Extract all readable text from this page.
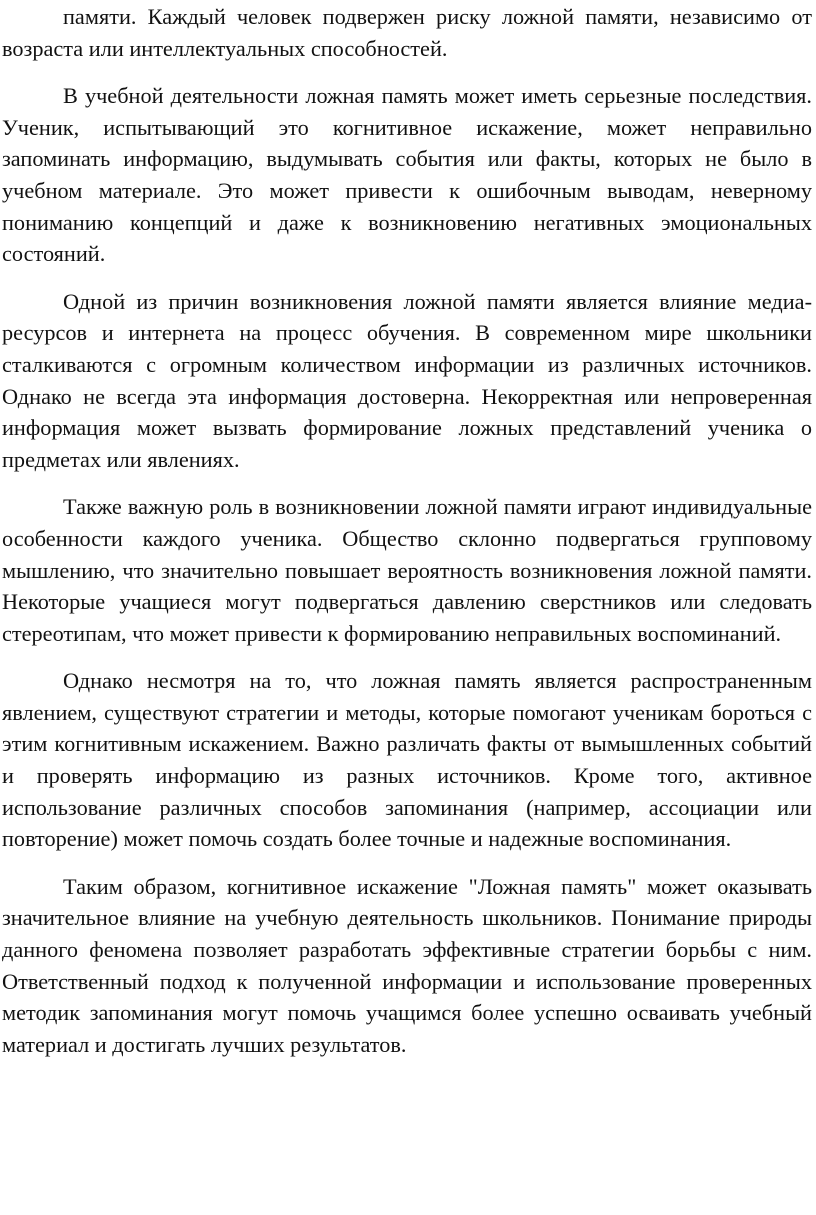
памяти. Каждый человек подвержен риску ложной памяти, независимо от возраста или интеллектуальных способностей.

В учебной деятельности ложная память может иметь серьезные последствия. Ученик, испытывающий это когнитивное искажение, может неправильно запоминать информацию, выдумывать события или факты, которых не было в учебном материале. Это может привести к ошибочным выводам, неверному пониманию концепций и даже к возникновению негативных эмоциональных состояний.

Одной из причин возникновения ложной памяти является влияние медиа-ресурсов и интернета на процесс обучения. В современном мире школьники сталкиваются с огромным количеством информации из различных источников. Однако не всегда эта информация достоверна. Некорректная или непроверенная информация может вызвать формирование ложных представлений ученика о предметах или явлениях.

Также важную роль в возникновении ложной памяти играют индивидуальные особенности каждого ученика. Общество склонно подвергаться групповому мышлению, что значительно повышает вероятность возникновения ложной памяти. Некоторые учащиеся могут подвергаться давлению сверстников или следовать стереотипам, что может привести к формированию неправильных воспоминаний.

Однако несмотря на то, что ложная память является распространенным явлением, существуют стратегии и методы, которые помогают ученикам бороться с этим когнитивным искажением. Важно различать факты от вымышленных событий и проверять информацию из разных источников. Кроме того, активное использование различных способов запоминания (например, ассоциации или повторение) может помочь создать более точные и надежные воспоминания.

Таким образом, когнитивное искажение "Ложная память" может оказывать значительное влияние на учебную деятельность школьников. Понимание природы данного феномена позволяет разработать эффективные стратегии борьбы с ним. Ответственный подход к полученной информации и использование проверенных методик запоминания могут помочь учащимся более успешно осваивать учебный материал и достигать лучших результатов.
